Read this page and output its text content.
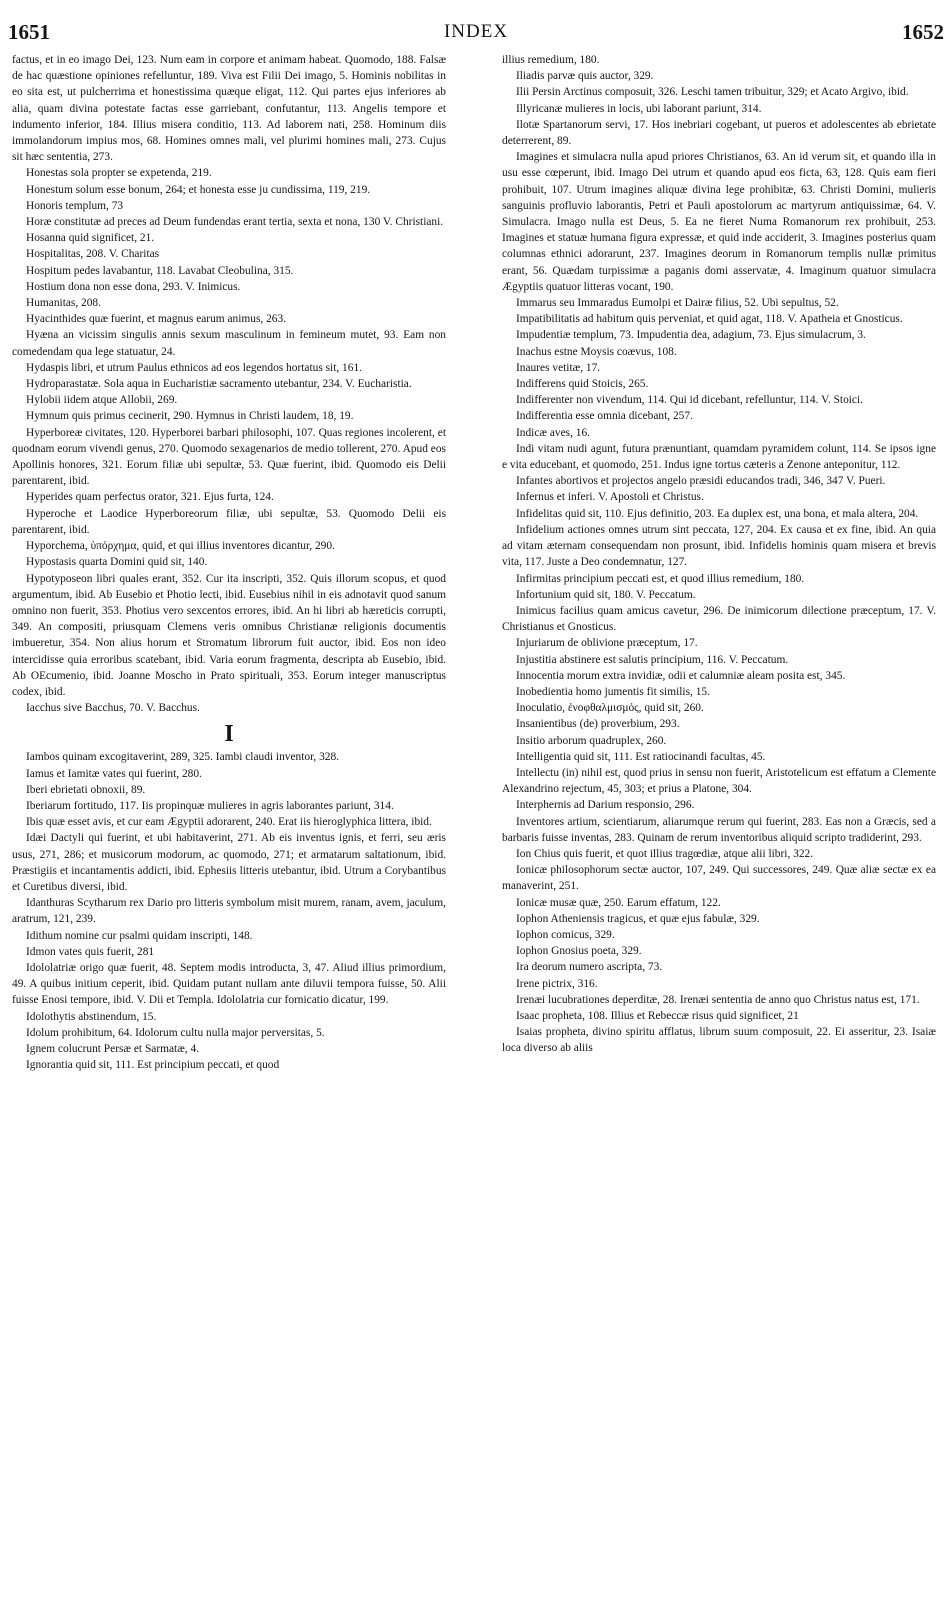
1651	INDEX	1652

factus, et in eo imago Dei, 123. Num eam in corpore et animam habeat. Quomodo, 188. Falsæ de hac quæstione opiniones refelluntur, 189. Viva est Filii Dei imago, 5. Hominis nobilitas in eo sita est, ut pulcherrima et honestissima quæque eligat, 112. Qui partes ejus inferiores ab alia, quam divina potestate factas esse garriebant, confutantur, 113. Angelis tempore et indumento inferior, 184. Illius misera conditio, 113. Ad laborem nati, 258. Hominum diis immolandorum impius mos, 68. Homines omnes mali, vel plurimi homines mali, 273. Cujus sit hæc sententia, 273.

Honestas sola propter se expetenda, 219.

Honestum solum esse bonum, 264; et honesta esse ju cundissima, 119, 219.

Honoris templum, 73

Horæ constitutæ ad preces ad Deum fundendas erant tertia, sexta et nona, 130 V. Christiani.

Hosanna quid significet, 21.

Hospitalitas, 208. V. Charitas

Hospitum pedes lavabantur, 118. Lavabat Cleobulina, 315.

Hostium dona non esse dona, 293. V. Inimicus.

Humanitas, 208.

Hyacinthides quæ fuerint, et magnus earum animus, 263.

Hyæna an vicissim singulis annis sexum masculinum in femineum mutet, 93. Eam non comedendam qua lege statuatur, 24.

Hydaspis libri, et utrum Paulus ethnicos ad eos legendos hortatus sit, 161.

Hydroparastatæ. Sola aqua in Eucharistiæ sacramento utebantur, 234. V. Eucharistia.

Hylobii iidem atque Allobii, 269.

Hymnum quis primus cecinerit, 290. Hymnus in Christi laudem, 18, 19.

Hyperboreæ civitates, 120. Hyperborei barbari philosophi, 107. Quas regiones incolerent, et quodnam eorum vivendi genus, 270. Quomodo sexagenarios de medio tollerent, 270. Apud eos Apollinis honores, 321. Eorum filiæ ubi sepultæ, 53. Quæ fuerint, ibid. Quomodo eis Delii parentarent, ibid.

Hyperides quam perfectus orator, 321. Ejus furta, 124.

Hyperoche et Laodice Hyperboreorum filiæ, ubi sepultæ, 53. Quomodo Delii eis parentarent, ibid.

Hyporchema, ὑπόρχημα, quid, et qui illius inventores dicantur, 290.

Hypostasis quarta Domini quid sit, 140.

Hypotyposeon libri quales erant, 352. Cur ita inscripti, 352. Quis illorum scopus, et quod argumentum, ibid. Ab Eusebio et Photio lecti, ibid. Eusebius nihil in eis adnotavit quod sanum omnino non fuerit, 353. Photius vero sexcentos errores, ibid. An hi libri ab hæreticis corrupti, 349. An compositi, priusquam Clemens veris omnibus Christianæ religionis documentis imbueretur, 354. Non alius horum et Stromatum librorum fuit auctor, ibid. Eos non ideo intercidisse quia erroribus scatebant, ibid. Varia eorum fragmenta, descripta ab Eusebio, ibid. Ab OEcumenio, ibid. Joanne Moscho in Prato spirituali, 353. Eorum integer manuscriptus codex, ibid.

Iacchus sive Bacchus, 70. V. Bacchus.

I

Iambos quinam excogitaverint, 289, 325. Iambi claudi inventor, 328.

Iamus et Iamitæ vates qui fuerint, 280.

Iberi ebrietati obnoxii, 89.

Iberiarum fortitudo, 117. Iis propinquæ mulieres in agris laborantes pariunt, 314.

Ibis quæ esset avis, et cur eam Ægyptii adorarent, 240. Erat iis hieroglyphica littera, ibid.

Idæi Dactyli qui fuerint, et ubi habitaverint, 271. Ab eis inventus ignis, et ferri, seu æris usus, 271, 286; et musicorum modorum, ac quomodo, 271; et armatarum saltationum, ibid. Præstigiis et incantamentis addicti, ibid. Ephesiis litteris utebantur, ibid. Utrum a Corybantibus et Curetibus diversi, ibid.

Idanthuras Scytharum rex Dario pro litteris symbolum misit murem, ranam, avem, jaculum, aratrum, 121, 239.

Idithum nomine cur psalmi quidam inscripti, 148.

Idmon vates quis fuerit, 281

Idololatriæ origo quæ fuerit, 48. Septem modis introducta, 3, 47. Aliud illius primordium, 49. A quibus initium ceperit, ibid. Quidam putant nullam ante diluvii tempora fuisse, 50. Alii fuisse Enosi tempore, ibid. V. Dii et Templa. Idololatria cur fornicatio dicatur, 199.

Idolothytis abstinendum, 15.

Idolum prohibitum, 64. Idolorum cultu nulla major perversitas, 5.

Ignem colucrunt Persæ et Sarmatæ, 4.

Ignorantia quid sit, 111. Est principium peccati, et quod

illius remedium, 180.

Iliadis parvæ quis auctor, 329.

Ilii Persin Arctinus composuit, 326. Leschi tamen tribuitur, 329; et Acato Argivo, ibid.

Illyricanæ mulieres in locis, ubi laborant pariunt, 314.

Ilotæ Spartanorum servi, 17. Hos inebriari cogebant, ut pueros et adolescentes ab ebrietate deterrerent, 89.

Imagines et simulacra nulla apud priores Christianos, 63. An id verum sit, et quando illa in usu esse cœperunt, ibid. Imago Dei utrum et quando apud eos ficta, 63, 128. Quis eam fieri prohibuit, 107. Utrum imagines aliquæ divina lege prohibitæ, 63. Christi Domini, mulieris sanguinis profluvio laborantis, Petri et Pauli apostolorum ac martyrum antiquissimæ, 64. V. Simulacra. Imago nulla est Deus, 5. Ea ne fieret Numa Romanorum rex prohibuit, 253. Imagines et statuæ humana figura expressæ, et quid inde acciderit, 3. Imagines posterius quam columnas ethnici adorarunt, 237. Imagines deorum in Romanorum templis nullæ primitus erant, 56. Quædam turpissimæ a paganis domi asservatæ, 4. Imaginum quatuor simulacra Ægyptiis quatuor litteras vocant, 190.

Immarus seu Immaradus Eumolpi et Dairæ filius, 52. Ubi sepultus, 52.

Impatibilitatis ad habitum quis perveniat, et quid agat, 118. V. Apatheia et Gnosticus.

Impudentiæ templum, 73. Impudentia dea, adagium, 73. Ejus simulacrum, 3.

Inachus estne Moysis coævus, 108.

Inaures vetitæ, 17.

Indifferens quid Stoicis, 265.

Indifferenter non vivendum, 114. Qui id dicebant, refelluntur, 114. V. Stoici.

Indifferentia esse omnia dicebant, 257.

Indicæ aves, 16.

Indi vitam nudi agunt, futura prænuntiant, quamdam pyramidem colunt, 114. Se ipsos igne e vita educebant, et quomodo, 251. Indus igne tortus cæteris a Zenone anteponitur, 112.

Infantes abortivos et projectos angelo præsidi educandos tradi, 346, 347 V. Pueri.

Infernus et inferi. V. Apostoli et Christus.

Infidelitas quid sit, 110. Ejus definitio, 203. Ea duplex est, una bona, et mala altera, 204.

Infidelium actiones omnes utrum sint peccata, 127, 204. Ex causa et ex fine, ibid. An quia ad vitam æternam consequendam non prosunt, ibid. Infidelis hominis quam misera et brevis vita, 117. Juste a Deo condemnatur, 127.

Infirmitas principium peccati est, et quod illius remedium, 180.

Infortunium quid sit, 180. V. Peccatum.

Inimicus facilius quam amicus cavetur, 296. De inimicorum dilectione præceptum, 17. V. Christianus et Gnosticus.

Injuriarum de oblivione præceptum, 17.

Injustitia abstinere est salutis principium, 116. V. Peccatum.

Innocentia morum extra invidiæ, odii et calumniæ aleam posita est, 345.

Inobedientia homo jumentis fit similis, 15.

Inoculatio, ἐνοφθαλμισμός, quid sit, 260.

Insanientibus (de) proverbium, 293.

Insitio arborum quadruplex, 260.

Intelligentia quid sit, 111. Est ratiocinandi facultas, 45.

Intellectu (in) nihil est, quod prius in sensu non fuerit, Aristotelicum est effatum a Clemente Alexandrino rejectum, 45, 303; et prius a Platone, 304.

Interphernis ad Darium responsio, 296.

Inventores artium, scientiarum, aliarumque rerum qui fuerint, 283. Eas non a Græcis, sed a barbaris fuisse inventas, 283. Quinam de rerum inventoribus aliquid scripto tradiderint, 293.

Ion Chius quis fuerit, et quot illius tragœdiæ, atque alii libri, 322.

Ionicæ philosophorum sectæ auctor, 107, 249. Qui successores, 249. Quæ aliæ sectæ ex ea manaverint, 251.

Ionicæ musæ quæ, 250. Earum effatum, 122.

Iophon Atheniensis tragicus, et quæ ejus fabulæ, 329.

Iophon comicus, 329.

Iophon Gnosius poeta, 329.

Ira deorum numero ascripta, 73.

Irene pictrix, 316.

Irenæi lucubrationes deperditæ, 28. Irenæi sententia de anno quo Christus natus est, 171.

Isaac propheta, 108. Illius et Rebeccæ risus quid significet, 21

Isaias propheta, divino spiritu afflatus, librum suum composuit, 22. Ei asseritur, 23. Isaiæ loca diverso ab aliis
